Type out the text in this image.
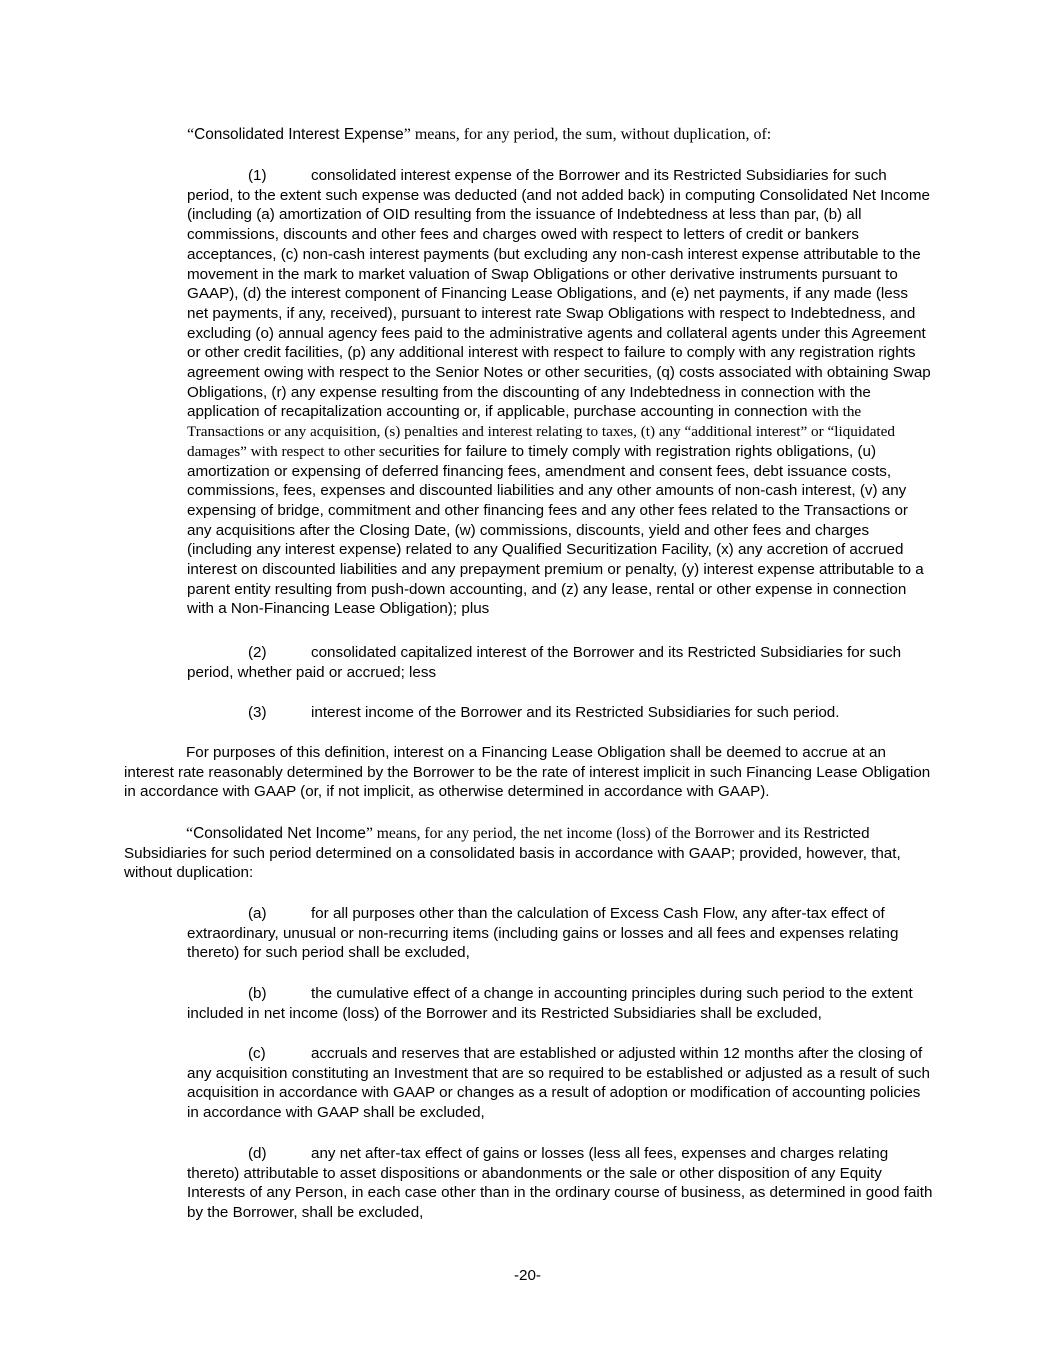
“Consolidated Interest Expense” means, for any period, the sum, without duplication, of:

(1)	consolidated interest expense of the Borrower and its Restricted Subsidiaries for such period, to the extent such expense was deducted (and not added back) in computing Consolidated Net Income (including (a) amortization of OID resulting from the issuance of Indebtedness at less than par, (b) all commissions, discounts and other fees and charges owed with respect to letters of credit or bankers acceptances, (c) non-cash interest payments (but excluding any non-cash interest expense attributable to the movement in the mark to market valuation of Swap Obligations or other derivative instruments pursuant to GAAP), (d) the interest component of Financing Lease Obligations, and (e) net payments, if any made (less net payments, if any, received), pursuant to interest rate Swap Obligations with respect to Indebtedness, and excluding (o) annual agency fees paid to the administrative agents and collateral agents under this Agreement or other credit facilities, (p) any additional interest with respect to failure to comply with any registration rights agreement owing with respect to the Senior Notes or other securities, (q) costs associated with obtaining Swap Obligations, (r) any expense resulting from the discounting of any Indebtedness in connection with the application of recapitalization accounting or, if applicable, purchase accounting in connection with the Transactions or any acquisition, (s) penalties and interest relating to taxes, (t) any “additional interest” or “liquidated damages” with respect to other securities for failure to timely comply with registration rights obligations, (u) amortization or expensing of deferred financing fees, amendment and consent fees, debt issuance costs, commissions, fees, expenses and discounted liabilities and any other amounts of non-cash interest, (v) any expensing of bridge, commitment and other financing fees and any other fees related to the Transactions or any acquisitions after the Closing Date, (w) commissions, discounts, yield and other fees and charges (including any interest expense) related to any Qualified Securitization Facility, (x) any accretion of accrued interest on discounted liabilities and any prepayment premium or penalty, (y) interest expense attributable to a parent entity resulting from push-down accounting, and (z) any lease, rental or other expense in connection with a Non-Financing Lease Obligation); plus
(2)	consolidated capitalized interest of the Borrower and its Restricted Subsidiaries for such period, whether paid or accrued; less
(3)	interest income of the Borrower and its Restricted Subsidiaries for such period.

For purposes of this definition, interest on a Financing Lease Obligation shall be deemed to accrue at an interest rate reasonably determined by the Borrower to be the rate of interest implicit in such Financing Lease Obligation in accordance with GAAP (or, if not implicit, as otherwise determined in accordance with GAAP).

“Consolidated Net Income” means, for any period, the net income (loss) of the Borrower and its Restricted Subsidiaries for such period determined on a consolidated basis in accordance with GAAP; provided, however, that, without duplication:

(a)	for all purposes other than the calculation of Excess Cash Flow, any after-tax effect of extraordinary, unusual or non-recurring items (including gains or losses and all fees and expenses relating thereto) for such period shall be excluded,
(b)	the cumulative effect of a change in accounting principles during such period to the extent included in net income (loss) of the Borrower and its Restricted Subsidiaries shall be excluded,
(c)	accruals and reserves that are established or adjusted within 12 months after the closing of any acquisition constituting an Investment that are so required to be established or adjusted as a result of such acquisition in accordance with GAAP or changes as a result of adoption or modification of accounting policies in accordance with GAAP shall be excluded,
(d)	any net after-tax effect of gains or losses (less all fees, expenses and charges relating thereto) attributable to asset dispositions or abandonments or the sale or other disposition of any Equity Interests of any Person, in each case other than in the ordinary course of business, as determined in good faith by the Borrower, shall be excluded,
-20-
